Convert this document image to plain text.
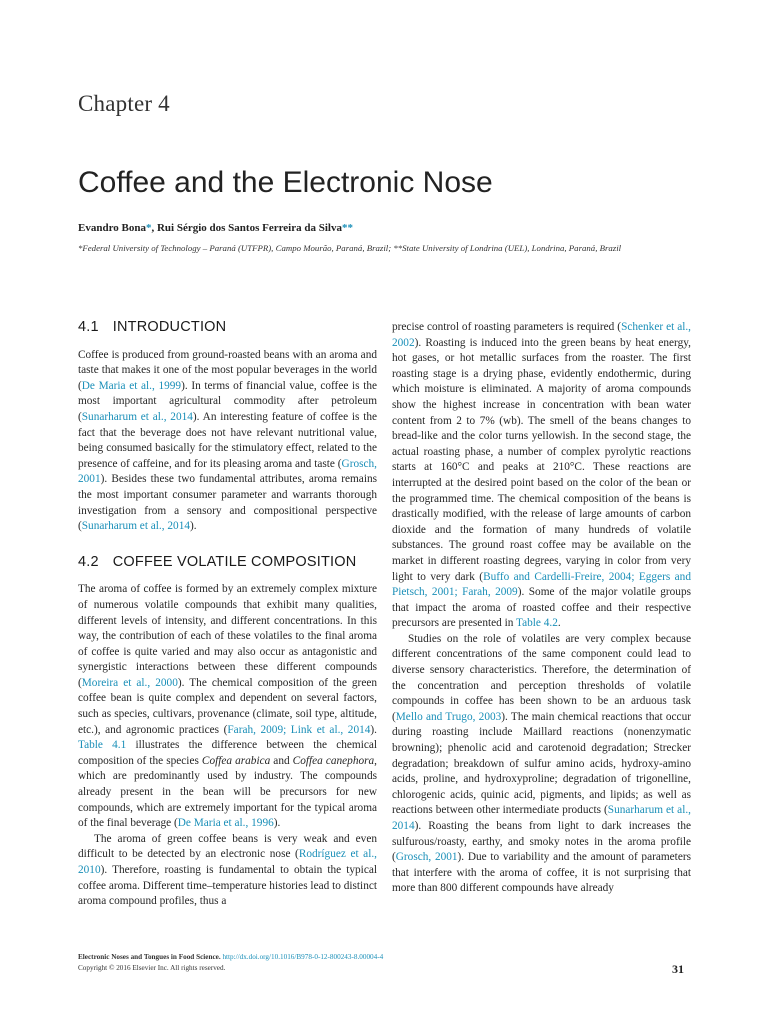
Chapter 4
Coffee and the Electronic Nose
Evandro Bona*, Rui Sérgio dos Santos Ferreira da Silva**
*Federal University of Technology – Paraná (UTFPR), Campo Mourão, Paraná, Brazil; **State University of Londrina (UEL), Londrina, Paraná, Brazil
4.1 INTRODUCTION

Coffee is produced from ground-roasted beans with an aroma and taste that makes it one of the most popular beverages in the world (De Maria et al., 1999). In terms of financial value, coffee is the most important agricultural commodity after petroleum (Sunarharum et al., 2014). An interesting feature of coffee is the fact that the beverage does not have relevant nutritional value, being consumed basically for the stimulatory effect, related to the presence of caffeine, and for its pleasing aroma and taste (Grosch, 2001). Besides these two fundamental attributes, aroma remains the most important consumer parameter and warrants thorough investigation from a sensory and compositional perspective (Sunarharum et al., 2014).

4.2 COFFEE VOLATILE COMPOSITION

The aroma of coffee is formed by an extremely complex mixture of numerous volatile compounds that exhibit many qualities, different levels of intensity, and different concentrations. In this way, the contribution of each of these volatiles to the final aroma of coffee is quite varied and may also occur as antagonistic and synergistic interactions between these different compounds (Moreira et al., 2000). The chemical composition of the green coffee bean is quite complex and dependent on several factors, such as species, cultivars, provenance (climate, soil type, altitude, etc.), and agronomic practices (Farah, 2009; Link et al., 2014). Table 4.1 illustrates the difference between the chemical composition of the species Coffea arabica and Coffea canephora, which are predominantly used by industry. The compounds already present in the bean will be precursors for new compounds, which are extremely important for the typical aroma of the final beverage (De Maria et al., 1996).

The aroma of green coffee beans is very weak and even difficult to be detected by an electronic nose (Rodríguez et al., 2010). Therefore, roasting is fundamental to obtain the typical coffee aroma. Different time–temperature histories lead to distinct aroma compound profiles, thus a

precise control of roasting parameters is required (Schenker et al., 2002). Roasting is induced into the green beans by heat energy, hot gases, or hot metallic surfaces from the roaster. The first roasting stage is a drying phase, evidently endothermic, during which moisture is eliminated. A majority of aroma compounds show the highest increase in concentration with bean water content from 2 to 7% (wb). The smell of the beans changes to bread-like and the color turns yellowish. In the second stage, the actual roasting phase, a number of complex pyrolytic reactions starts at 160°C and peaks at 210°C. These reactions are interrupted at the desired point based on the color of the bean or the programmed time. The chemical composition of the beans is drastically modified, with the release of large amounts of carbon dioxide and the formation of many hundreds of volatile substances. The ground roast coffee may be available on the market in different roasting degrees, varying in color from very light to very dark (Buffo and Cardelli-Freire, 2004; Eggers and Pietsch, 2001; Farah, 2009). Some of the major volatile groups that impact the aroma of roasted coffee and their respective precursors are presented in Table 4.2.

Studies on the role of volatiles are very complex because different concentrations of the same component could lead to diverse sensory characteristics. Therefore, the determination of the concentration and perception thresholds of volatile compounds in coffee has been shown to be an arduous task (Mello and Trugo, 2003). The main chemical reactions that occur during roasting include Maillard reactions (nonenzymatic browning); phenolic acid and carotenoid degradation; Strecker degradation; breakdown of sulfur amino acids, hydroxy-amino acids, proline, and hydroxyproline; degradation of trigonelline, chlorogenic acids, quinic acid, pigments, and lipids; as well as reactions between other intermediate products (Sunarharum et al., 2014). Roasting the beans from light to dark increases the sulfurous/roasty, earthy, and smoky notes in the aroma profile (Grosch, 2001). Due to variability and the amount of parameters that interfere with the aroma of coffee, it is not surprising that more than 800 different compounds have already

Electronic Noses and Tongues in Food Science. http://dx.doi.org/10.1016/B978-0-12-800243-8.00004-4
Copyright © 2016 Elsevier Inc. All rights reserved.	31
